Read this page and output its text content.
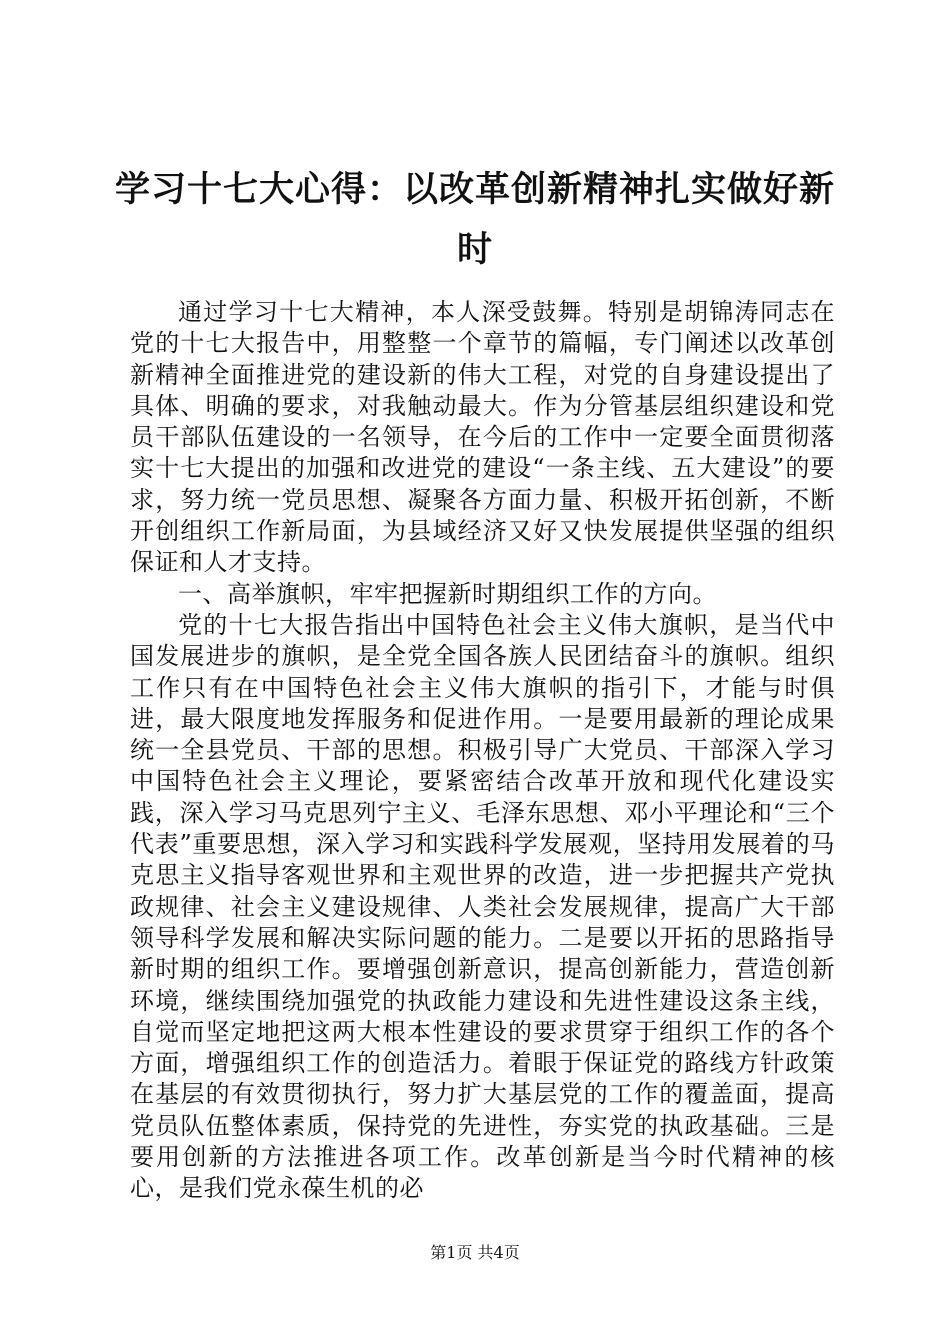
学习十七大心得：以改革创新精神扎实做好新
时

通过学习十七大精神，本人深受鼓舞。特别是胡锦涛同志在党的十七大报告中，用整整一个章节的篇幅，专门阐述以改革创新精神全面推进党的建设新的伟大工程，对党的自身建设提出了具体、明确的要求，对我触动最大。作为分管基层组织建设和党员干部队伍建设的一名领导，在今后的工作中一定要全面贯彻落实十七大提出的加强和改进党的建设“一条主线、五大建设”的要求，努力统一党员思想、凝聚各方面力量、积极开拓创新，不断开创组织工作新局面，为县域经济又好又快发展提供坚强的组织保证和人才支持。

一、高举旗帜，牢牢把握新时期组织工作的方向。

党的十七大报告指出中国特色社会主义伟大旗帜，是当代中国发展进步的旗帜，是全党全国各族人民团结奋斗的旗帜。组织工作只有在中国特色社会主义伟大旗帜的指引下，才能与时俱进，最大限度地发挥服务和促进作用。一是要用最新的理论成果统一全县党员、干部的思想。积极引导广大党员、干部深入学习中国特色社会主义理论，要紧密结合改革开放和现代化建设实践，深入学习马克思列宁主义、毛泽东思想、邓小平理论和“三个代表”重要思想，深入学习和实践科学发展观，坚持用发展着的马克思主义指导客观世界和主观世界的改造，进一步把握共产党执政规律、社会主义建设规律、人类社会发展规律，提高广大干部领导科学发展和解决实际问题的能力。二是要以开拓的思路指导新时期的组织工作。要增强创新意识，提高创新能力，营造创新环境，继续围绕加强党的执政能力建设和先进性建设这条主线，自觉而坚定地把这两大根本性建设的要求贯穿于组织工作的各个方面，增强组织工作的创造活力。着眼于保证党的路线方针政策在基层的有效贯彻执行，努力扩大基层党的工作的覆盖面，提高党员队伍整体素质，保持党的先进性，夯实党的执政基础。三是要用创新的方法推进各项工作。改革创新是当今时代精神的核心，是我们党永葆生机的必

第1页 共4页
